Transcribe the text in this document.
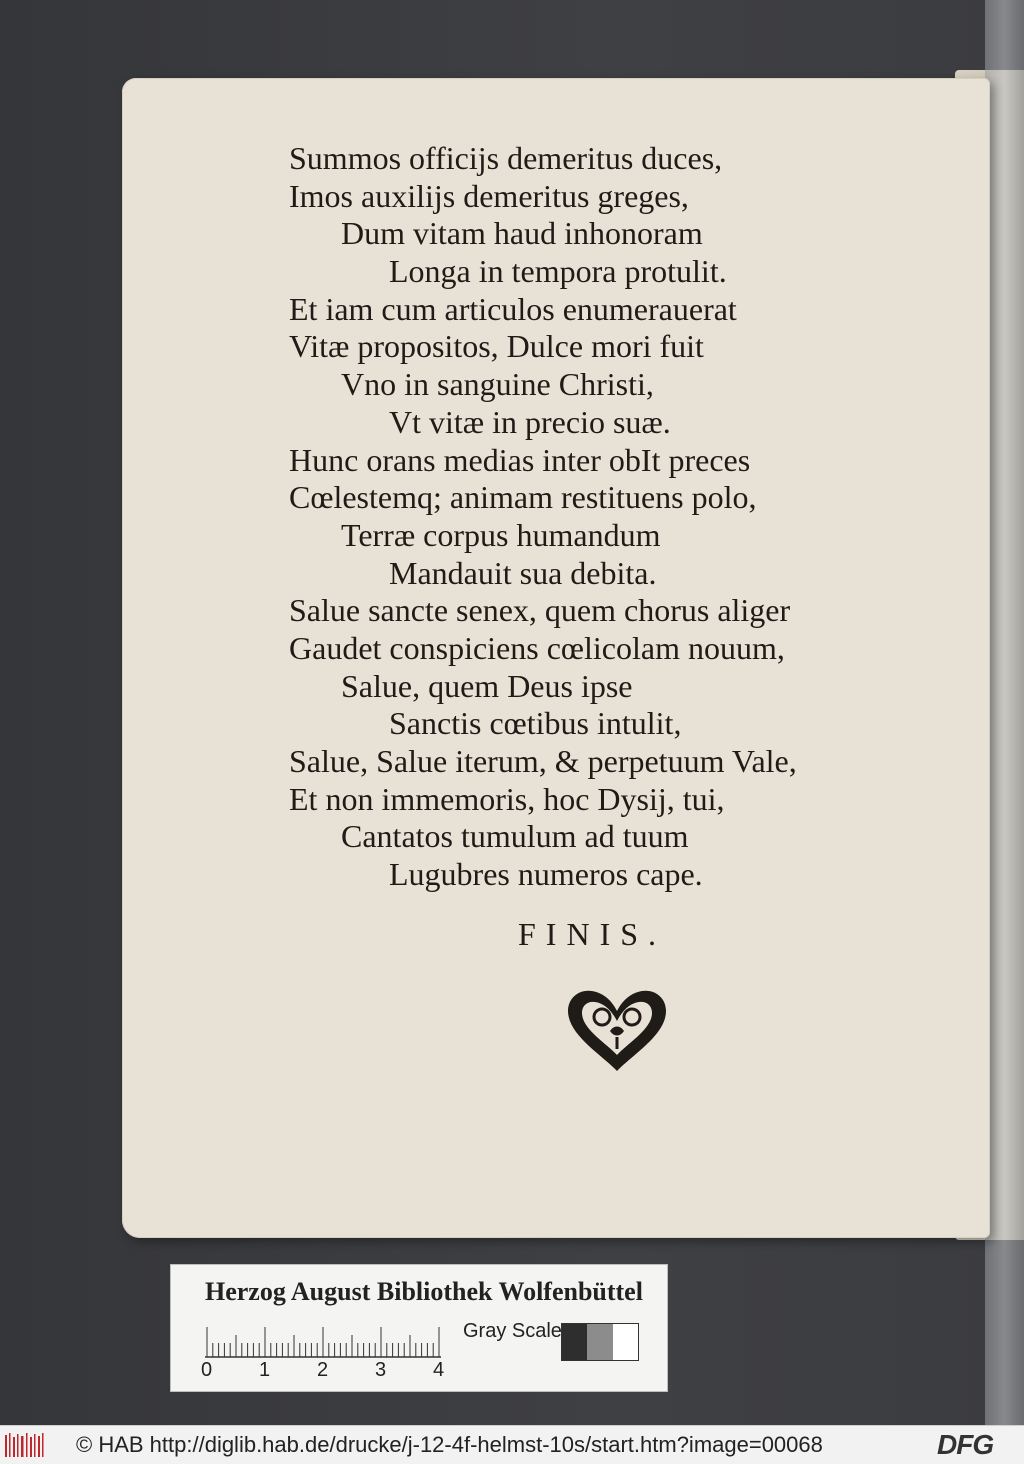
Summos officijs demeritus duces,
Imos auxilijs demeritus greges,
Dum vitam haud inhonoram
Longa in tempora protulit.
Et iam cum articulos enumerauerat
Vitæ propositos, Dulce mori fuit
Vno in sanguine Christi,
Vt vitæ in precio suæ.
Hunc orans medias inter obIt preces
Cœlestemq; animam restituens polo,
Terræ corpus humandum
Mandauit sua debita.
Salue sancte senex, quem chorus aliger
Gaudet conspiciens cœlicolam nouum,
Salue, quem Deus ipse
Sanctis cœtibus intulit,
Salue, Salue iterum, & perpetuum Vale,
Et non immemoris, hoc Dysij, tui,
Cantatos tumulum ad tuum
Lugubres numeros cape.
FINIS.
Herzog August Bibliothek Wolfenbüttel
0 1 2 3 4
Gray Scale
© HAB http://diglib.hab.de/drucke/j-12-4f-helmst-10s/start.htm?image=00068	DFG
